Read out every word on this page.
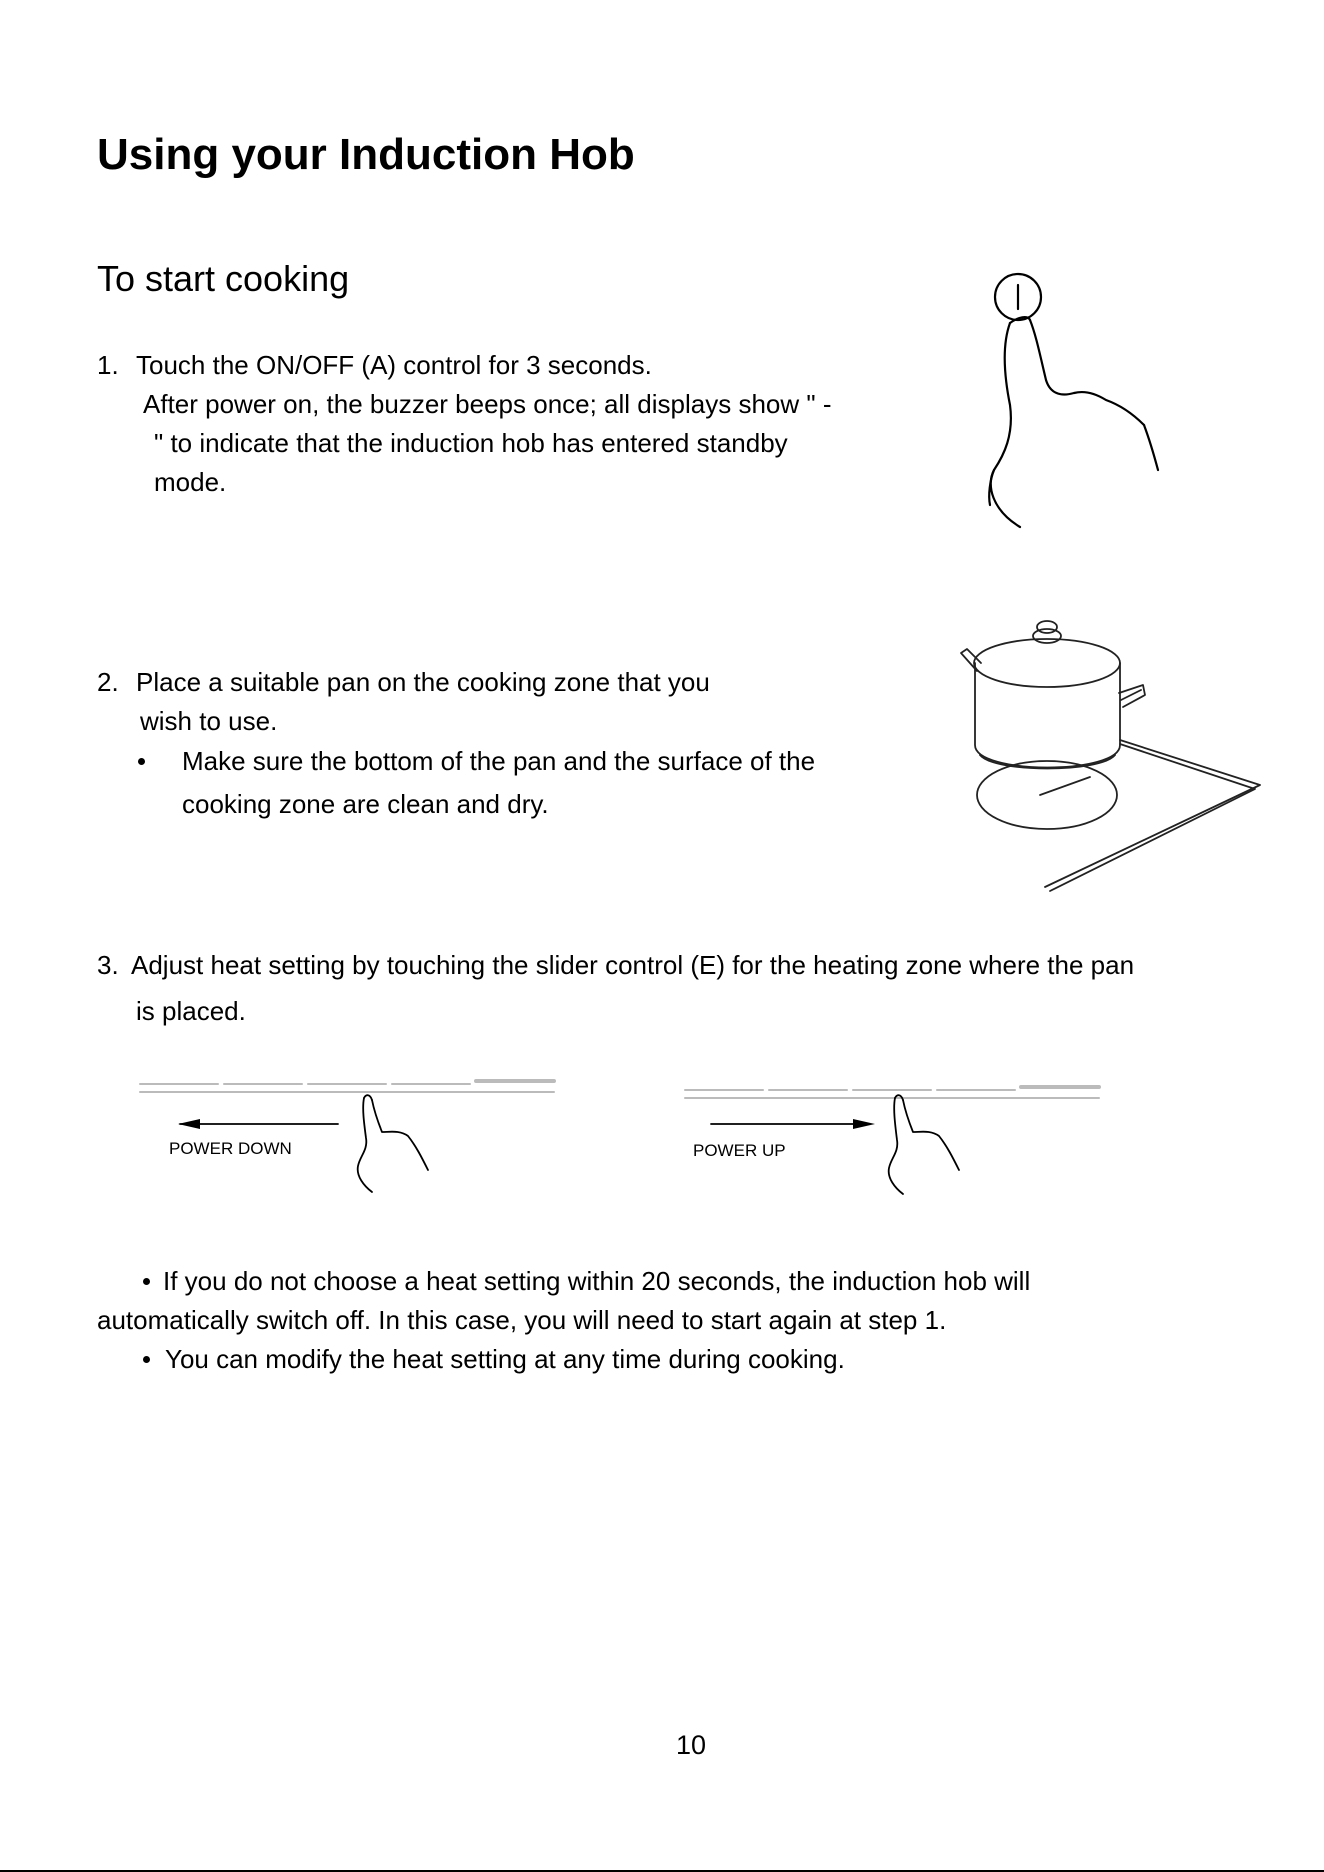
Using your Induction Hob
To start cooking
1. Touch the ON/OFF (A) control for 3 seconds.
After power on, the buzzer beeps once; all displays show " -
" to indicate that the induction hob has entered standby
mode.
2. Place a suitable pan on the cooking zone that you
wish to use.
Make sure the bottom of the pan and the surface of the
cooking zone are clean and dry.
3. Adjust heat setting by touching the slider control (E) for the heating zone where the pan
is placed.
POWER DOWN	POWER UP
If you do not choose a heat setting within 20 seconds, the induction hob will
automatically switch off. In this case, you will need to start again at step 1.
You can modify the heat setting at any time during cooking.
10
